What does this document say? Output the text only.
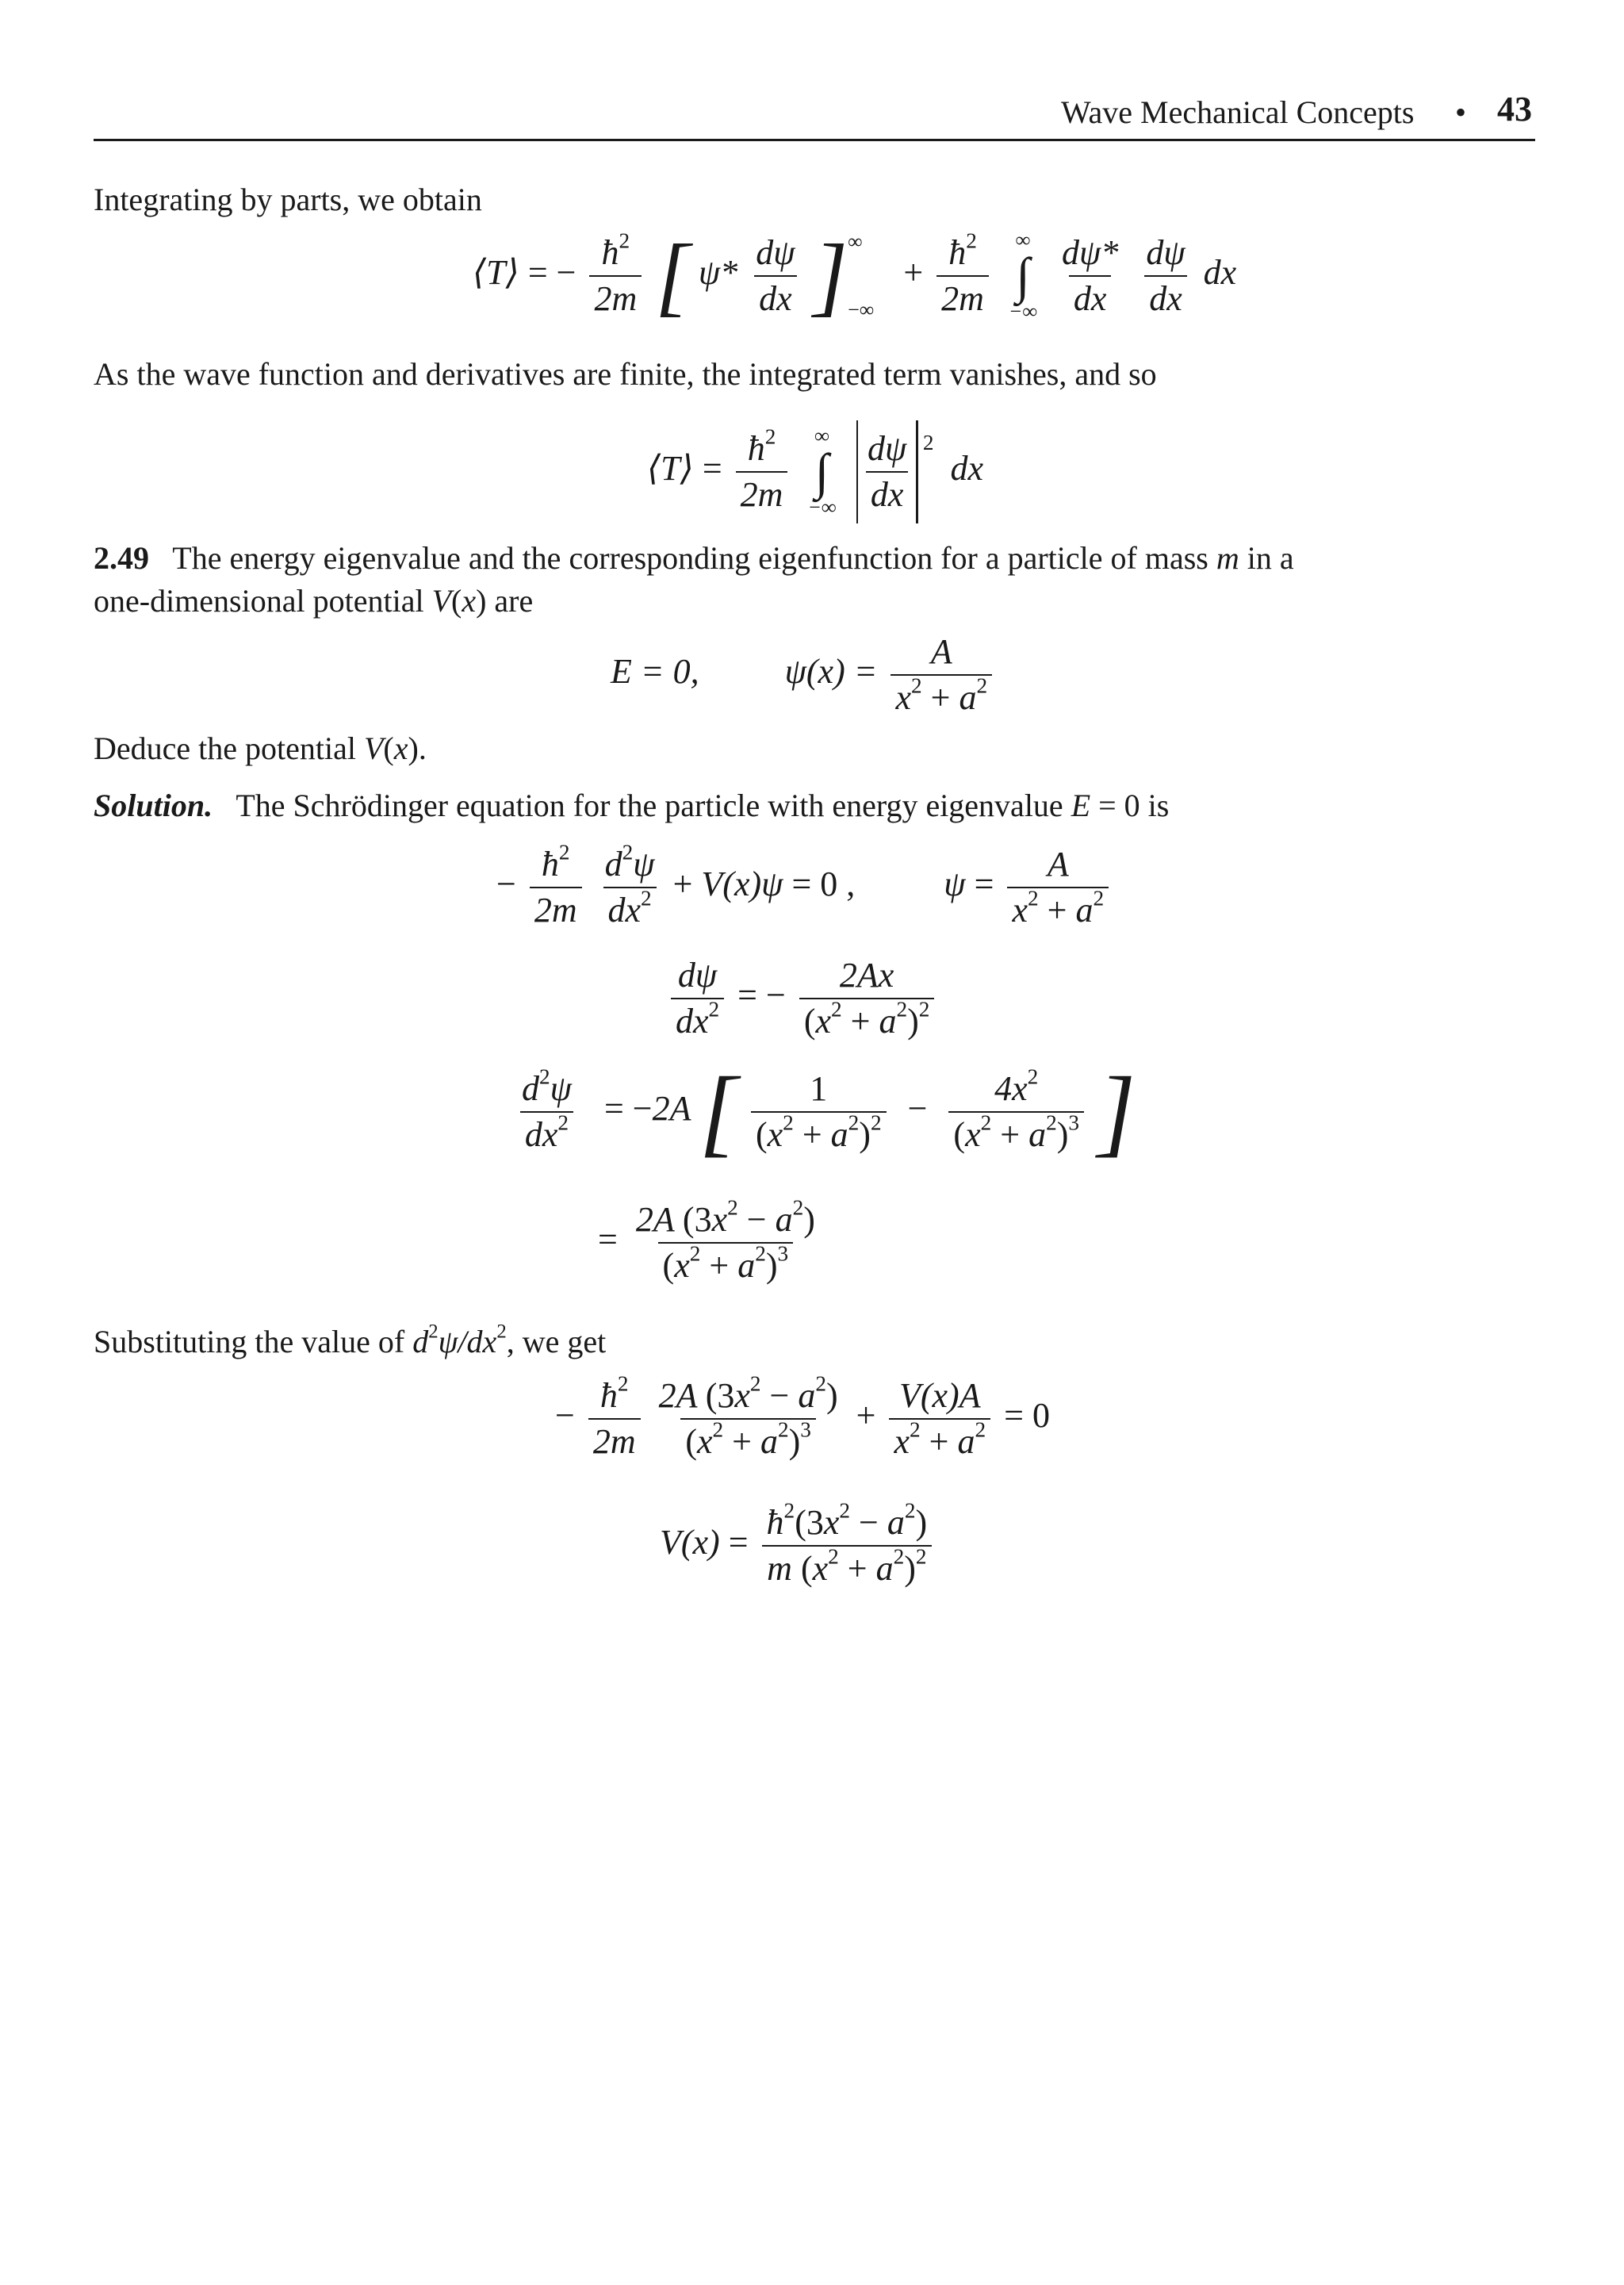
Wave Mechanical Concepts • 43
Integrating by parts, we obtain
⟨T⟩ = − $\frac{ħ^2}{2m}$ [ $\psi* \frac{d\psi}{dx}$ ] ∞
−∞
+ $\frac{ħ^2}{2m}$
∞
∫
−∞
$\frac{d\psi*}{dx}$
$\frac{d\psi}{dx}$ dx
As the wave function and derivatives are finite, the integrated term vanishes, and so
⟨T⟩ = $\frac{ħ^2}{2m}$
∞
∫
−∞
$\frac{d\psi}{dx} ^2$ dx
2.49 The energy eigenvalue and the corresponding eigenfunction for a particle of mass m in a
one-dimensional potential V(x) are
E = 0, $\psi(x) = \frac{A}{x^2 + a^2}$
Deduce the potential V(x).
Solution. The Schrödinger equation for the particle with energy eigenvalue E = 0 is
− $\frac{ħ^2}{2m}$
$\frac{d^2\psi}{dx^2} + V(x)\psi = 0$ ,	$\psi = \frac{A}{x^2 + a^2}$
$\frac{d\psi}{dx^2}$ = − $\frac{2Ax}{(x^2 + a^2)^2}$
$\frac{d^2\psi}{dx^2} = -2A$ [ $\frac{1}{(x^2 + a^2)^2} - \frac{4x^2}{(x^2 + a^2)^3}$ ]
= $\frac{2A (3x^2 - a^2)}{(x^2 + a^2)^3}$
Substituting the value of $d^2\psi/dx^2$, we get
− $\frac{ħ^2}{2m}$
$\frac{2A (3x^2 - a^2)}{(x^2 + a^2)^3} + \frac{V(x)A}{x^2 + a^2} = 0$
$V(x) = \frac{ħ^2(3x^2 - a^2)}{m (x^2 + a^2)^2}$
